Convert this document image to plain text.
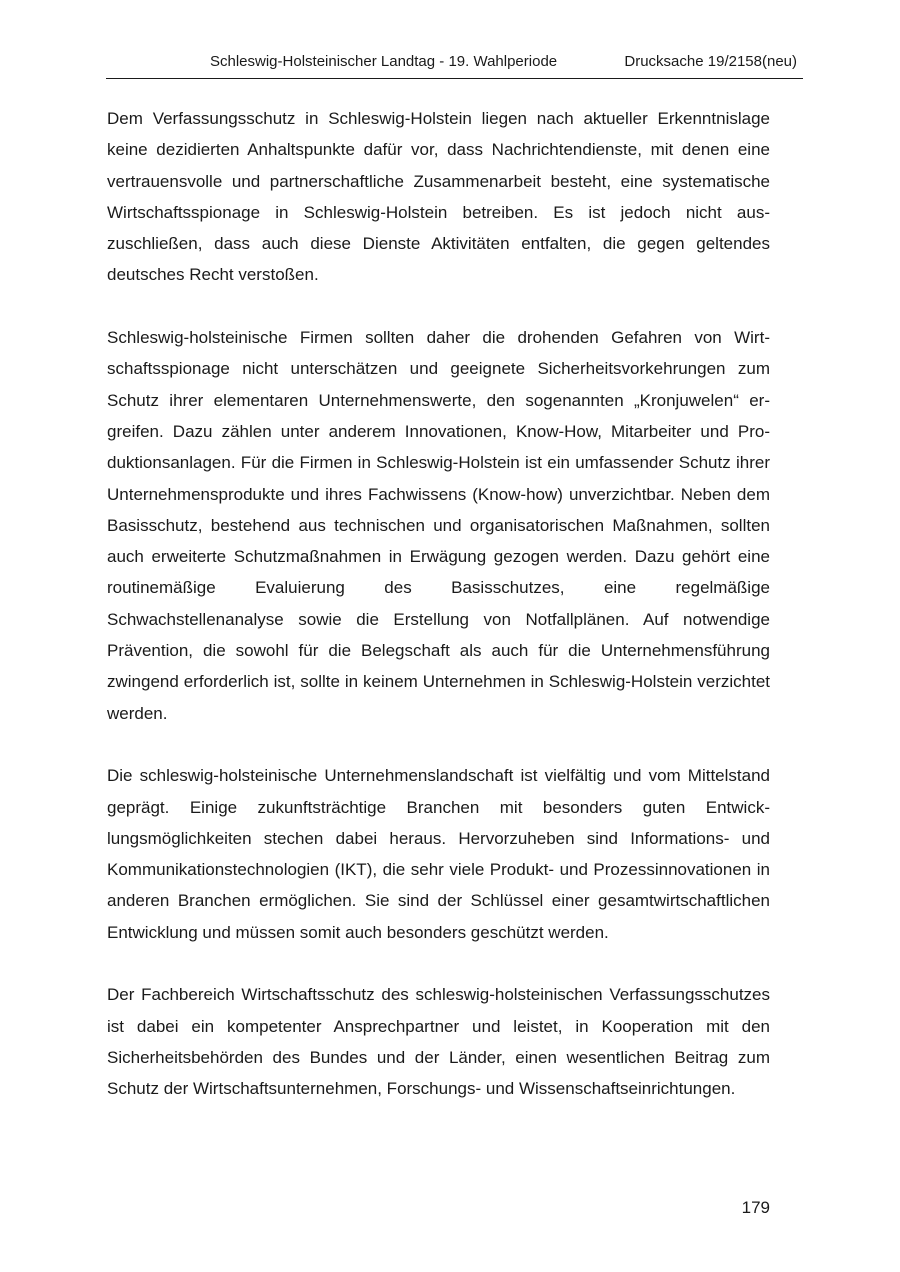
Schleswig-Holsteinischer Landtag - 19. Wahlperiode	Drucksache 19/2158(neu)

Dem Verfassungsschutz in Schleswig-Holstein liegen nach aktueller Erkenntnislage keine dezidierten Anhaltspunkte dafür vor, dass Nachrichtendienste, mit denen eine vertrauensvolle und partnerschaftliche Zusammenarbeit besteht, eine systematische Wirtschaftsspionage in Schleswig-Holstein betreiben. Es ist jedoch nicht auszuschließen, dass auch diese Dienste Aktivitäten entfalten, die gegen geltendes deutsches Recht verstoßen.

Schleswig-holsteinische Firmen sollten daher die drohenden Gefahren von Wirtschaftsspionage nicht unterschätzen und geeignete Sicherheitsvorkehrungen zum Schutz ihrer elementaren Unternehmenswerte, den sogenannten „Kronjuwelen“ ergreifen. Dazu zählen unter anderem Innovationen, Know-How, Mitarbeiter und Produktionsanlagen. Für die Firmen in Schleswig-Holstein ist ein umfassender Schutz ihrer Unternehmensprodukte und ihres Fachwissens (Know-how) unverzichtbar. Neben dem Basisschutz, bestehend aus technischen und organisatorischen Maßnahmen, sollten auch erweiterte Schutzmaßnahmen in Erwägung gezogen werden. Dazu gehört eine routinemäßige Evaluierung des Basisschutzes, eine regelmäßige Schwachstellenanalyse sowie die Erstellung von Notfallplänen. Auf notwendige Prävention, die sowohl für die Belegschaft als auch für die Unternehmensführung zwingend erforderlich ist, sollte in keinem Unternehmen in Schleswig-Holstein verzichtet werden.

Die schleswig-holsteinische Unternehmenslandschaft ist vielfältig und vom Mittelstand geprägt. Einige zukunftsträchtige Branchen mit besonders guten Entwicklungsmöglichkeiten stechen dabei heraus. Hervorzuheben sind Informations- und Kommunikationstechnologien (IKT), die sehr viele Produkt- und Prozessinnovationen in anderen Branchen ermöglichen. Sie sind der Schlüssel einer gesamtwirtschaftlichen Entwicklung und müssen somit auch besonders geschützt werden.

Der Fachbereich Wirtschaftsschutz des schleswig-holsteinischen Verfassungsschutzes ist dabei ein kompetenter Ansprechpartner und leistet, in Kooperation mit den Sicherheitsbehörden des Bundes und der Länder, einen wesentlichen Beitrag zum Schutz der Wirtschaftsunternehmen, Forschungs- und Wissenschaftseinrichtungen.

179
